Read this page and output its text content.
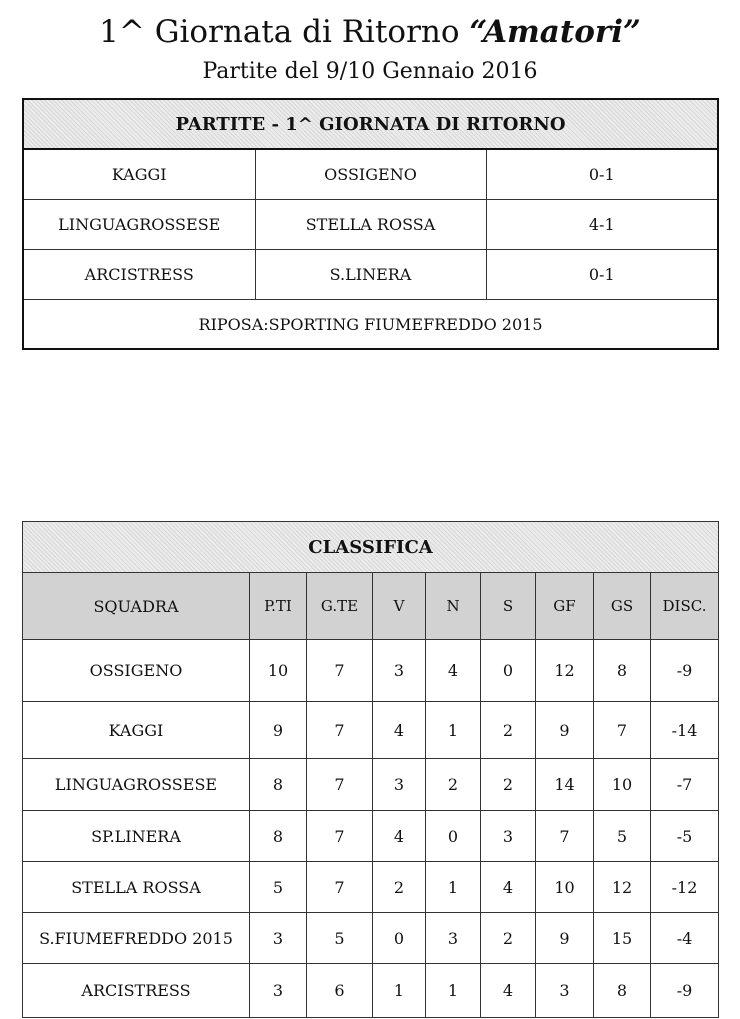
1^ Giornata di Ritorno “Amatori”
Partite del 9/10 Gennaio 2016
PARTITE - 1^ GIORNATA DI RITORNO		
KAGGI	OSSIGENO	0-1
LINGUAGROSSESE	STELLA ROSSA	4-1
ARCISTRESS	S.LINERA	0-1
RIPOSA:SPORTING FIUMEFREDDO 2015		
CLASSIFICA								
SQUADRA	P.TI	G.TE	V	N	S	GF	GS	DISC.
OSSIGENO	10	7	3	4	0	12	8	-9
KAGGI	9	7	4	1	2	9	7	-14
LINGUAGROSSESE	8	7	3	2	2	14	10	-7
SP.LINERA	8	7	4	0	3	7	5	-5
STELLA ROSSA	5	7	2	1	4	10	12	-12
S.FIUMEFREDDO 2015	3	5	0	3	2	9	15	-4
ARCISTRESS	3	6	1	1	4	3	8	-9
